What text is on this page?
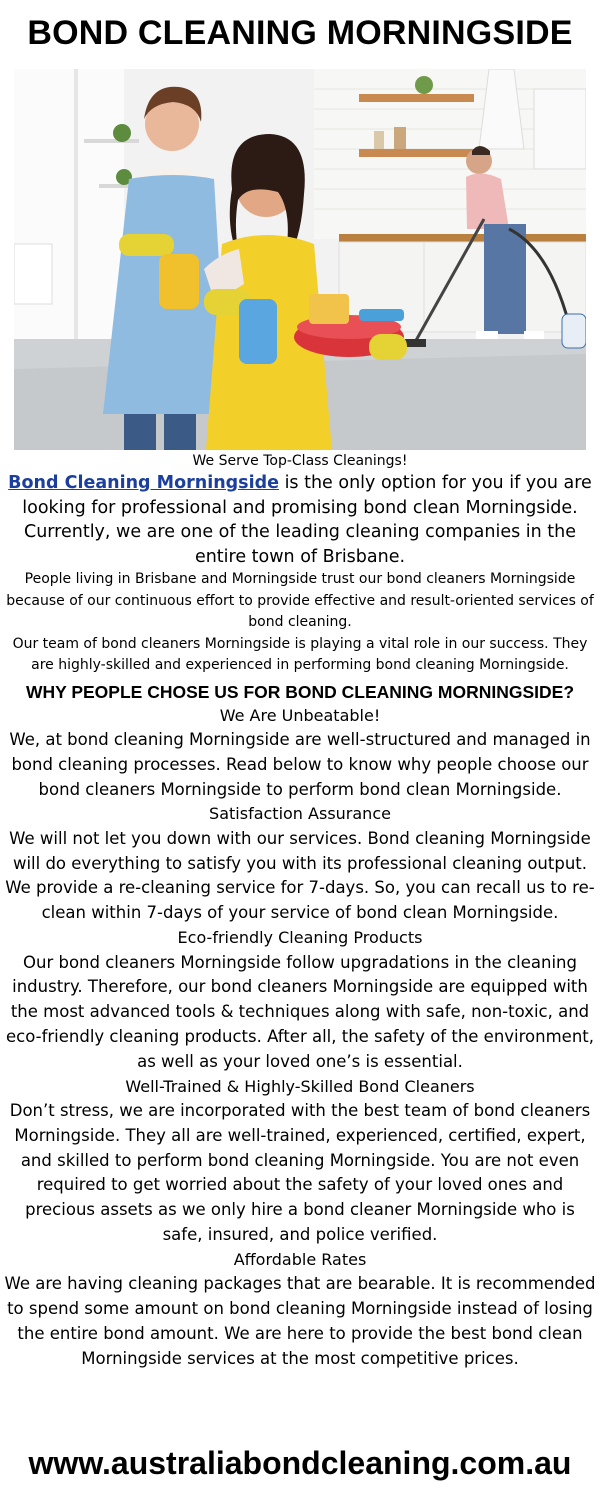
BOND CLEANING MORNINGSIDE

We Serve Top-Class Cleanings!

Bond Cleaning Morningside is the only option for you if you are looking for professional and promising bond clean Morningside. Currently, we are one of the leading cleaning companies in the entire town of Brisbane.

People living in Brisbane and Morningside trust our bond cleaners Morningside because of our continuous effort to provide effective and result-oriented services of bond cleaning.

Our team of bond cleaners Morningside is playing a vital role in our success. They are highly-skilled and experienced in performing bond cleaning Morningside.

WHY PEOPLE CHOSE US FOR BOND CLEANING MORNINGSIDE?

We Are Unbeatable!

We, at bond cleaning Morningside are well-structured and managed in bond cleaning processes. Read below to know why people choose our bond cleaners Morningside to perform bond clean Morningside.

Satisfaction Assurance

We will not let you down with our services. Bond cleaning Morningside will do everything to satisfy you with its professional cleaning output. We provide a re-cleaning service for 7-days. So, you can recall us to re-clean within 7-days of your service of bond clean Morningside.

Eco-friendly Cleaning Products

Our bond cleaners Morningside follow upgradations in the cleaning industry. Therefore, our bond cleaners Morningside are equipped with the most advanced tools & techniques along with safe, non-toxic, and eco-friendly cleaning products. After all, the safety of the environment, as well as your loved one’s is essential.

Well-Trained & Highly-Skilled Bond Cleaners

Don’t stress, we are incorporated with the best team of bond cleaners Morningside. They all are well-trained, experienced, certified, expert, and skilled to perform bond cleaning Morningside. You are not even required to get worried about the safety of your loved ones and precious assets as we only hire a bond cleaner Morningside who is safe, insured, and police verified.

Affordable Rates

We are having cleaning packages that are bearable. It is recommended to spend some amount on bond cleaning Morningside instead of losing the entire bond amount. We are here to provide the best bond clean Morningside services at the most competitive prices.

www.australiabondcleaning.com.au
